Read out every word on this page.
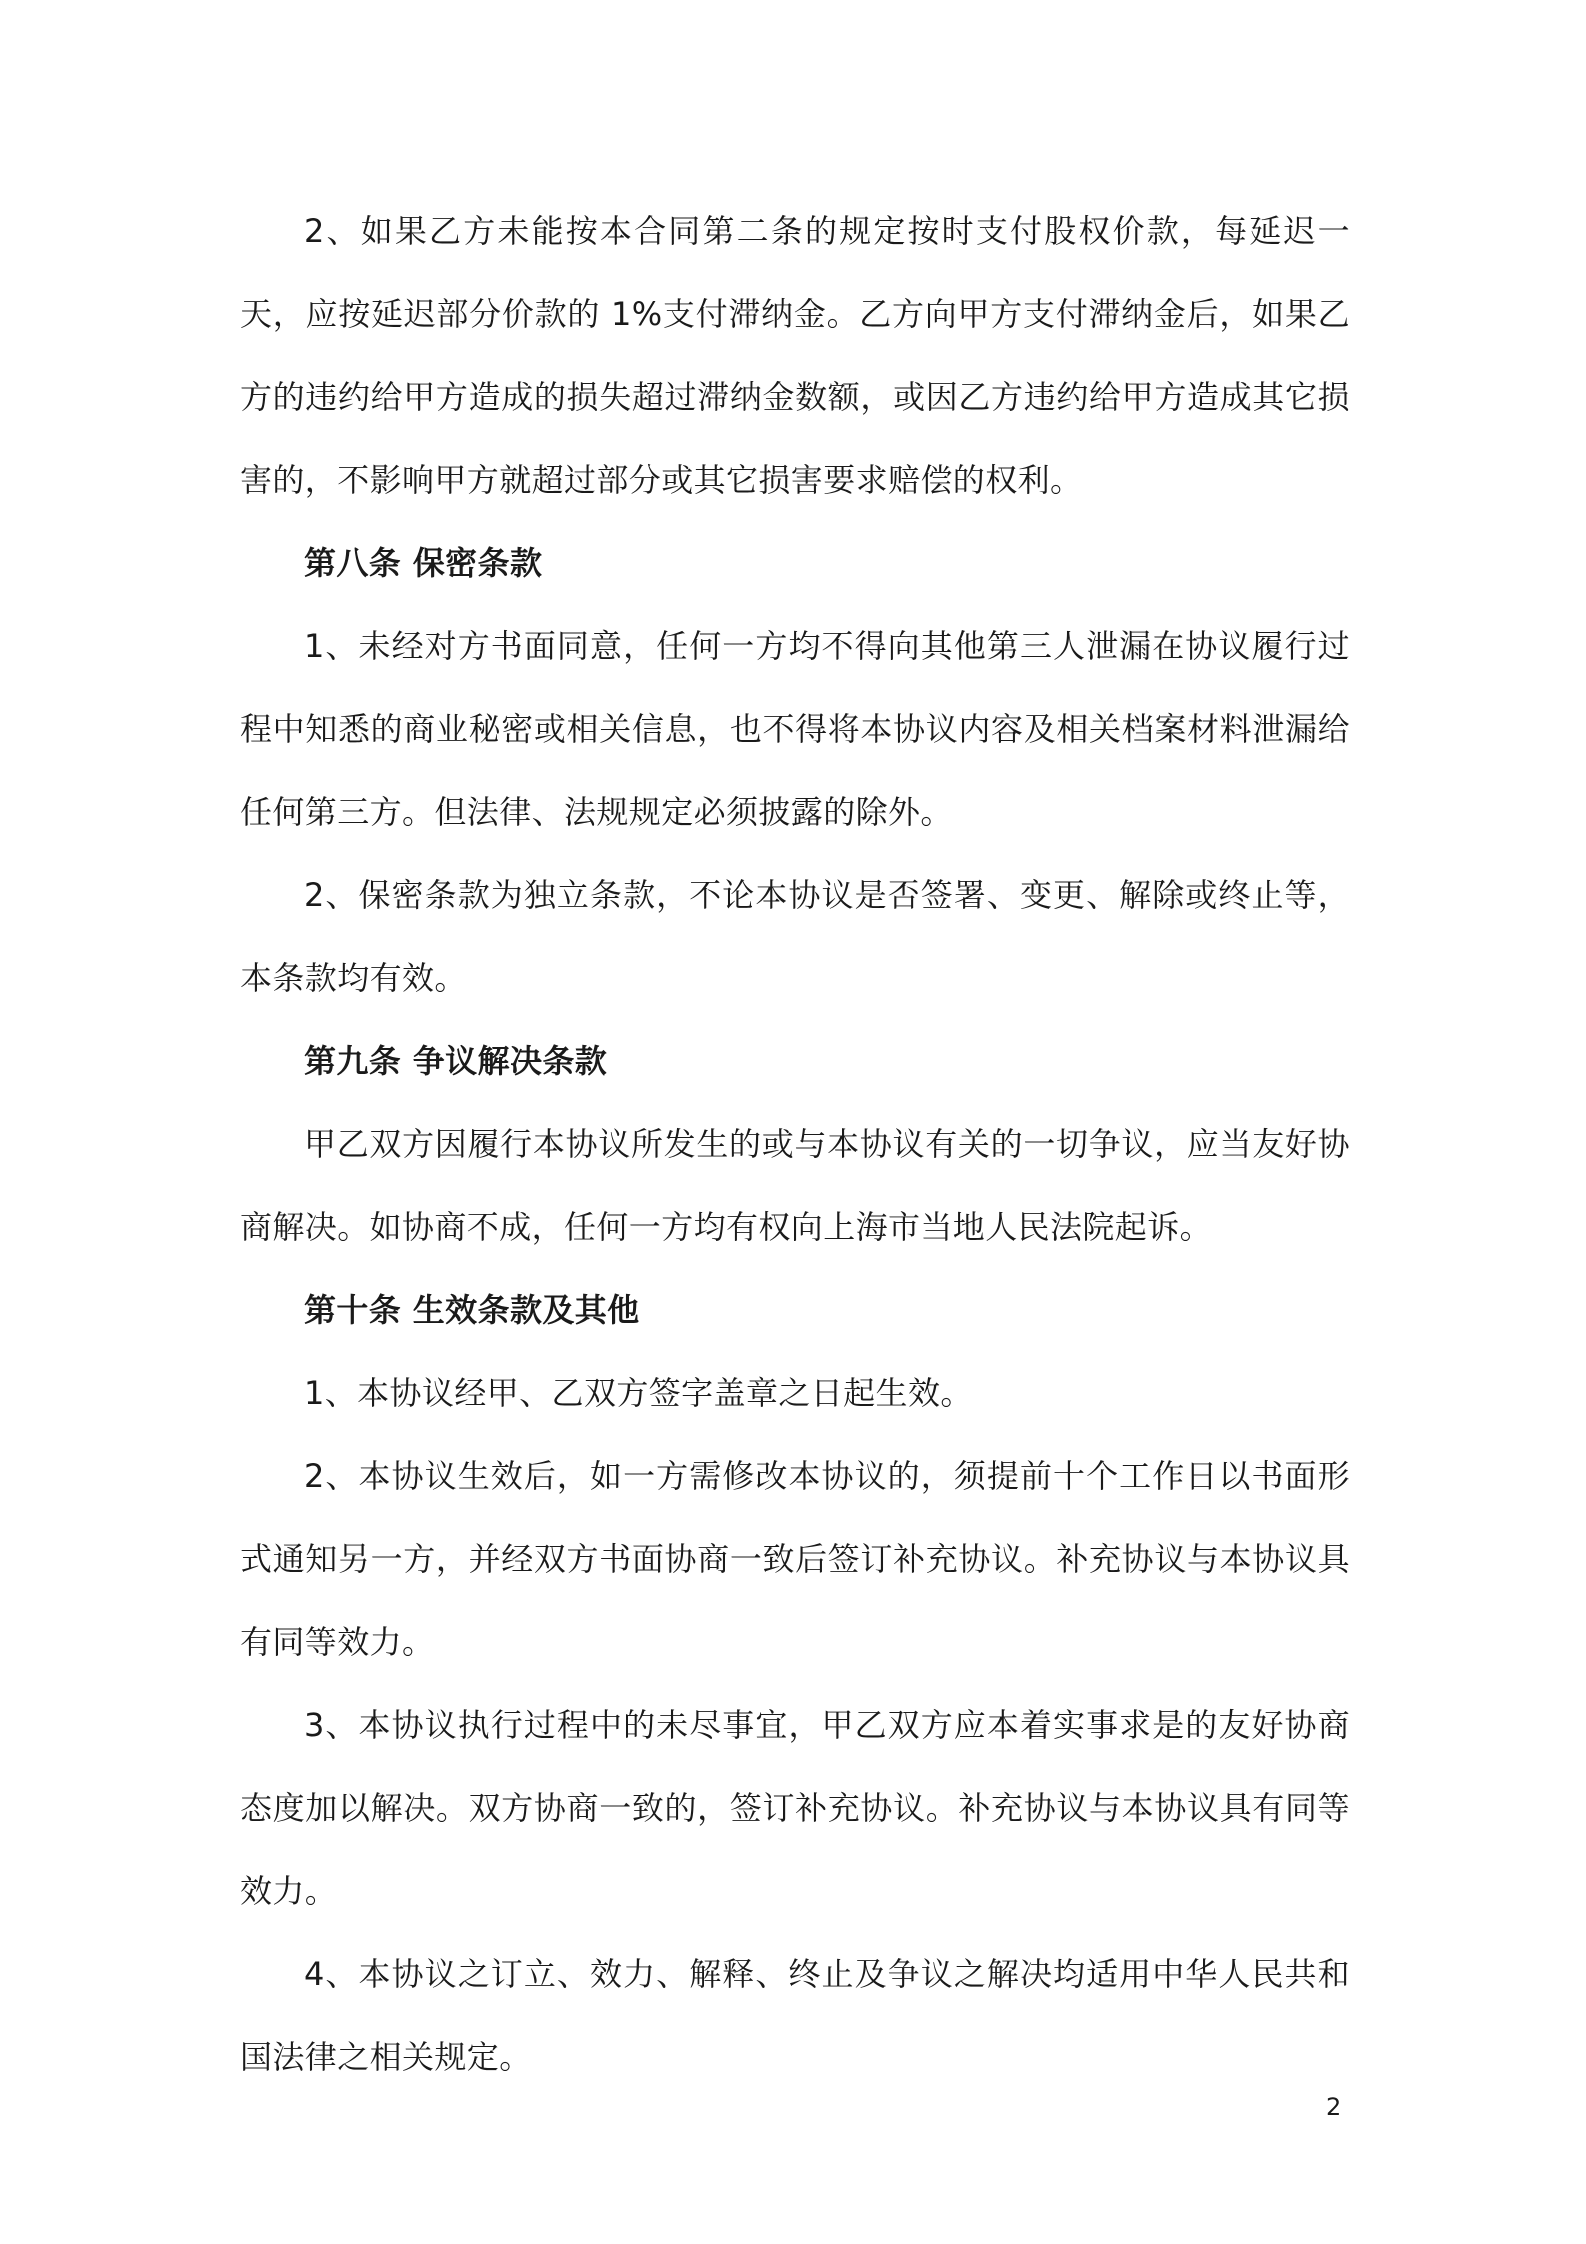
2、如果乙方未能按本合同第二条的规定按时支付股权价款，每延迟一天，应按延迟部分价款的 1%支付滞纳金。乙方向甲方支付滞纳金后，如果乙方的违约给甲方造成的损失超过滞纳金数额，或因乙方违约给甲方造成其它损害的，不影响甲方就超过部分或其它损害要求赔偿的权利。

第八条 保密条款

1、未经对方书面同意，任何一方均不得向其他第三人泄漏在协议履行过程中知悉的商业秘密或相关信息，也不得将本协议内容及相关档案材料泄漏给任何第三方。但法律、法规规定必须披露的除外。

2、保密条款为独立条款，不论本协议是否签署、变更、解除或终止等，本条款均有效。

第九条 争议解决条款

甲乙双方因履行本协议所发生的或与本协议有关的一切争议，应当友好协商解决。如协商不成，任何一方均有权向上海市当地人民法院起诉。

第十条 生效条款及其他

1、本协议经甲、乙双方签字盖章之日起生效。

2、本协议生效后，如一方需修改本协议的，须提前十个工作日以书面形式通知另一方，并经双方书面协商一致后签订补充协议。补充协议与本协议具有同等效力。

3、本协议执行过程中的未尽事宜，甲乙双方应本着实事求是的友好协商态度加以解决。双方协商一致的，签订补充协议。补充协议与本协议具有同等效力。

4、本协议之订立、效力、解释、终止及争议之解决均适用中华人民共和国法律之相关规定。

2
